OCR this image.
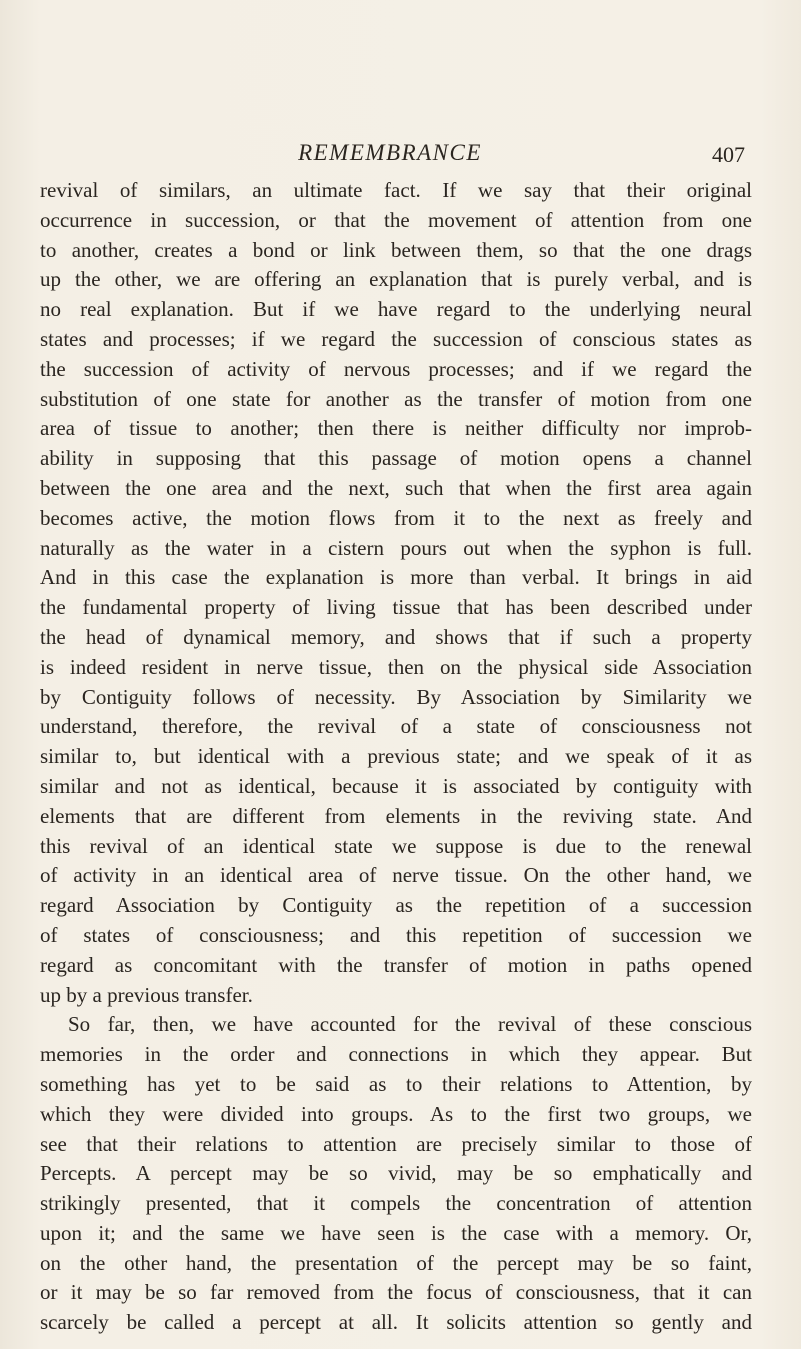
REMEMBRANCE	407
revival of similars, an ultimate fact. If we say that their original
occurrence in succession, or that the movement of attention from one
to another, creates a bond or link between them, so that the one drags
up the other, we are offering an explanation that is purely verbal, and is
no real explanation. But if we have regard to the underlying neural
states and processes; if we regard the succession of conscious states as
the succession of activity of nervous processes; and if we regard the
substitution of one state for another as the transfer of motion from one
area of tissue to another; then there is neither difficulty nor improb-
ability in supposing that this passage of motion opens a channel
between the one area and the next, such that when the first area again
becomes active, the motion flows from it to the next as freely and
naturally as the water in a cistern pours out when the syphon is full.
And in this case the explanation is more than verbal. It brings in aid
the fundamental property of living tissue that has been described under
the head of dynamical memory, and shows that if such a property
is indeed resident in nerve tissue, then on the physical side Association
by Contiguity follows of necessity. By Association by Similarity we
understand, therefore, the revival of a state of consciousness not
similar to, but identical with a previous state; and we speak of it as
similar and not as identical, because it is associated by contiguity with
elements that are different from elements in the reviving state. And
this revival of an identical state we suppose is due to the renewal
of activity in an identical area of nerve tissue. On the other hand, we
regard Association by Contiguity as the repetition of a succession
of states of consciousness; and this repetition of succession we
regard as concomitant with the transfer of motion in paths opened
up by a previous transfer.
So far, then, we have accounted for the revival of these conscious
memories in the order and connections in which they appear. But
something has yet to be said as to their relations to Attention, by
which they were divided into groups. As to the first two groups, we
see that their relations to attention are precisely similar to those of
Percepts. A percept may be so vivid, may be so emphatically and
strikingly presented, that it compels the concentration of attention
upon it; and the same we have seen is the case with a memory. Or,
on the other hand, the presentation of the percept may be so faint,
or it may be so far removed from the focus of consciousness, that it can
scarcely be called a percept at all. It solicits attention so gently and
